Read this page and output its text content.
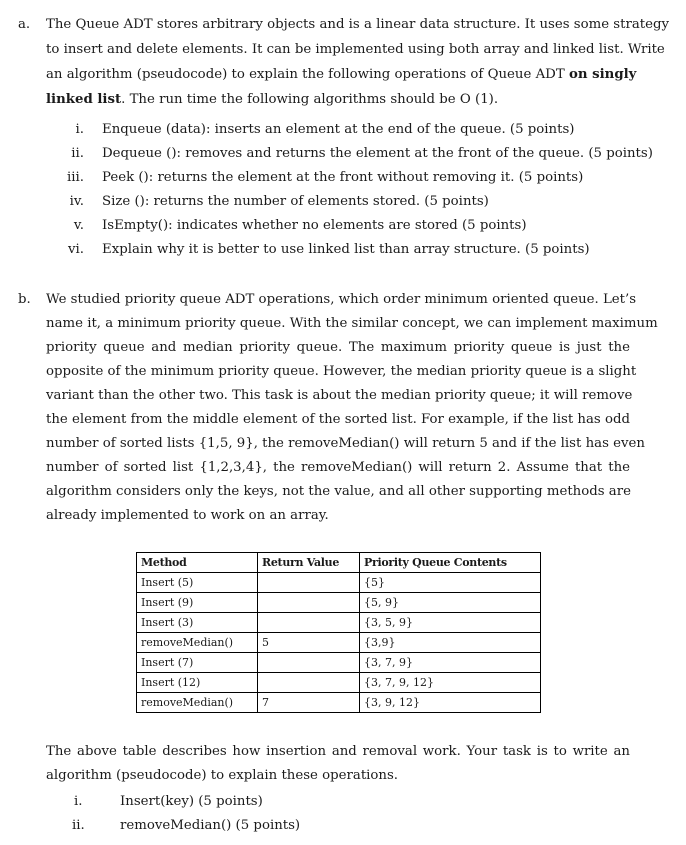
a. The Queue ADT stores arbitrary objects and is a linear data structure. It uses some strategy
to insert and delete elements. It can be implemented using both array and linked list. Write
an algorithm (pseudocode) to explain the following operations of Queue ADT on singly
linked list. The run time the following algorithms should be O (1).
i. Enqueue (data): inserts an element at the end of the queue. (5 points)
ii. Dequeue (): removes and returns the element at the front of the queue. (5 points)
iii. Peek (): returns the element at the front without removing it. (5 points)
iv. Size (): returns the number of elements stored. (5 points)
v. IsEmpty(): indicates whether no elements are stored (5 points)
vi. Explain why it is better to use linked list than array structure. (5 points)
b. We studied priority queue ADT operations, which order minimum oriented queue. Let’s
name it, a minimum priority queue. With the similar concept, we can implement maximum
priority queue and median priority queue. The maximum priority queue is just the
opposite of the minimum priority queue. However, the median priority queue is a slight
variant than the other two. This task is about the median priority queue; it will remove
the element from the middle element of the sorted list. For example, if the list has odd
number of sorted lists {1,5, 9}, the removeMedian() will return 5 and if the list has even
number of sorted list {1,2,3,4}, the removeMedian() will return 2. Assume that the
algorithm considers only the keys, not the value, and all other supporting methods are
already implemented to work on an array.
Method	Return Value	Priority Queue Contents
Insert (5)		{5}
Insert (9)		{5, 9}
Insert (3)		{3, 5, 9}
removeMedian()	5	{3,9}
Insert (7)		{3, 7, 9}
Insert (12)		{3, 7, 9, 12}
removeMedian()	7	{3, 9, 12}
The above table describes how insertion and removal work. Your task is to write an
algorithm (pseudocode) to explain these operations.
i.	Insert(key) (5 points)
ii.	removeMedian() (5 points)
